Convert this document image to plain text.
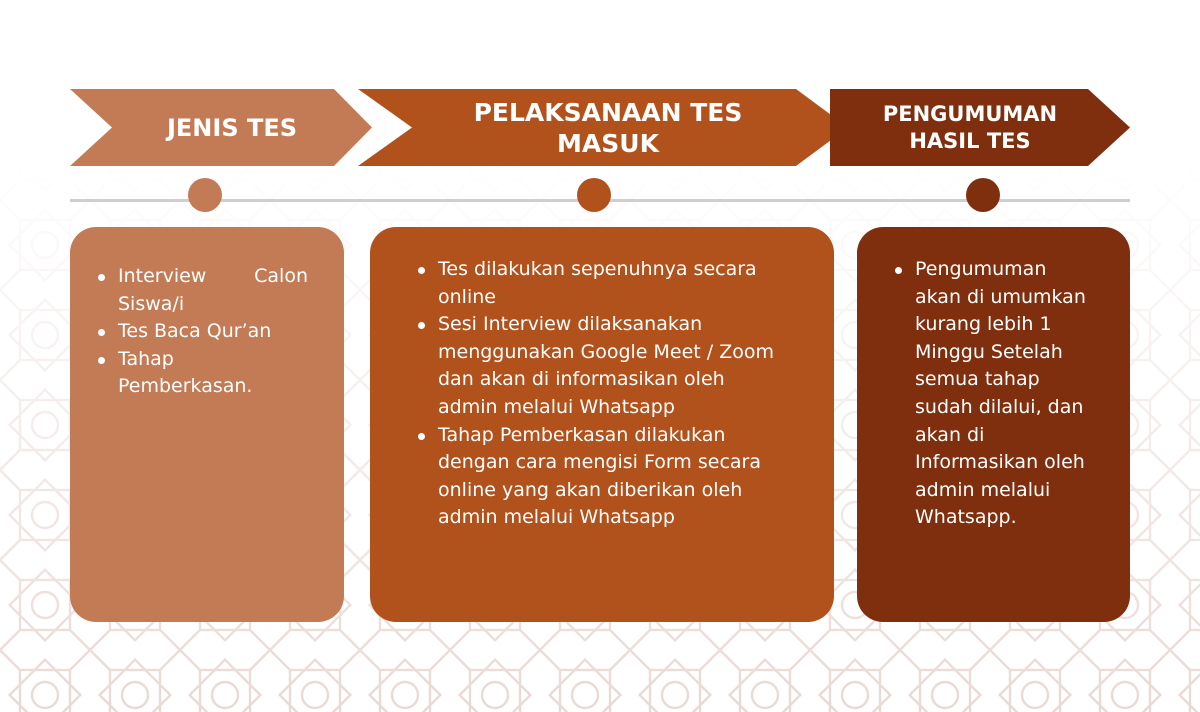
JENIS TES
PELAKSANAAN TES MASUK
PENGUMUMAN HASIL TES
Interview Calon Siswa/i
Tes Baca Qur’an
Tahap Pemberkasan.
Tes dilakukan sepenuhnya secara online
Sesi Interview dilaksanakan menggunakan Google Meet / Zoom dan akan di informasikan oleh admin melalui Whatsapp
Tahap Pemberkasan dilakukan dengan cara mengisi Form secara online yang akan diberikan oleh admin melalui Whatsapp
Pengumuman akan di umumkan kurang lebih 1 Minggu Setelah semua tahap sudah dilalui, dan akan di Informasikan oleh admin melalui Whatsapp.
